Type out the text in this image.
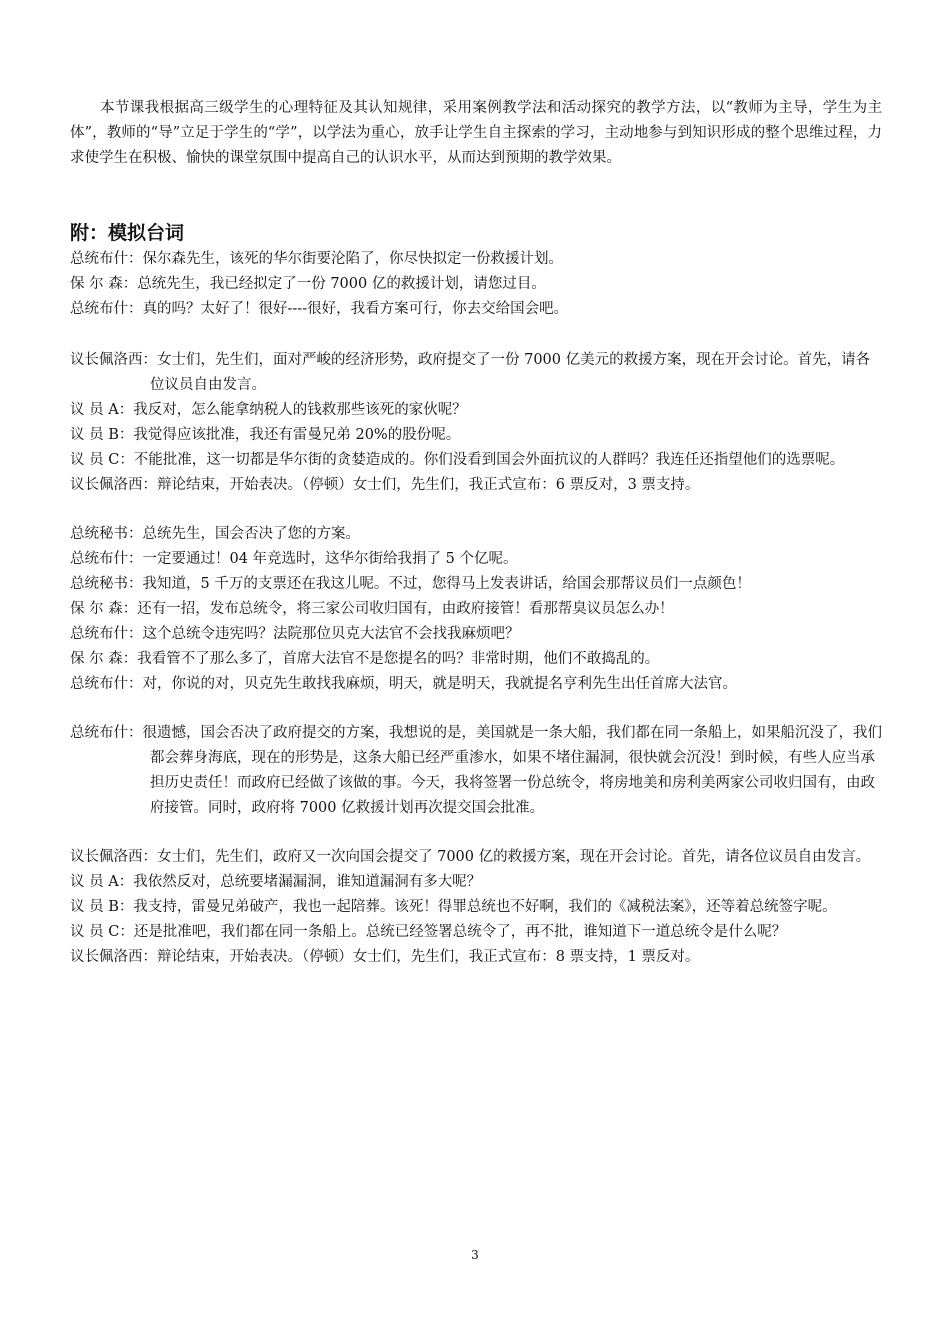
本节课我根据高三级学生的心理特征及其认知规律，采用案例教学法和活动探究的教学方法，以“教师为主导，学生为主体”，教师的“导”立足于学生的“学”，以学法为重心，放手让学生自主探索的学习，主动地参与到知识形成的整个思维过程，力求使学生在积极、愉快的课堂氛围中提高自己的认识水平，从而达到预期的教学效果。

附：模拟台词

总统布什：保尔森先生，该死的华尔街要沦陷了，你尽快拟定一份救援计划。

保 尔 森：总统先生，我已经拟定了一份 7000 亿的救援计划，请您过目。

总统布什：真的吗？太好了！很好----很好，我看方案可行，你去交给国会吧。

议长佩洛西：女士们，先生们，面对严峻的经济形势，政府提交了一份 7000 亿美元的救援方案，现在开会讨论。首先，请各位议员自由发言。

议 员 A：我反对，怎么能拿纳税人的钱救那些该死的家伙呢？

议 员 B：我觉得应该批准，我还有雷曼兄弟 20%的股份呢。

议 员 C：不能批准，这一切都是华尔街的贪婪造成的。你们没看到国会外面抗议的人群吗？我连任还指望他们的选票呢。

议长佩洛西：辩论结束，开始表决。（停顿）女士们，先生们，我正式宣布：6 票反对，3 票支持。

总统秘书：总统先生，国会否决了您的方案。

总统布什：一定要通过！04 年竞选时，这华尔街给我捐了 5 个亿呢。

总统秘书：我知道，5 千万的支票还在我这儿呢。不过，您得马上发表讲话，给国会那帮议员们一点颜色！

保 尔 森：还有一招，发布总统令，将三家公司收归国有，由政府接管！看那帮臭议员怎么办！

总统布什：这个总统令违宪吗？法院那位贝克大法官不会找我麻烦吧？

保 尔 森：我看管不了那么多了，首席大法官不是您提名的吗？非常时期，他们不敢捣乱的。

总统布什：对，你说的对，贝克先生敢找我麻烦，明天，就是明天，我就提名亨利先生出任首席大法官。

总统布什：很遗憾，国会否决了政府提交的方案，我想说的是，美国就是一条大船，我们都在同一条船上，如果船沉没了，我们都会葬身海底，现在的形势是，这条大船已经严重渗水，如果不堵住漏洞，很快就会沉没！到时候，有些人应当承担历史责任！而政府已经做了该做的事。今天，我将签署一份总统令，将房地美和房利美两家公司收归国有，由政府接管。同时，政府将 7000 亿救援计划再次提交国会批准。

议长佩洛西：女士们，先生们，政府又一次向国会提交了 7000 亿的救援方案，现在开会讨论。首先，请各位议员自由发言。

议 员 A：我依然反对，总统要堵漏漏洞，谁知道漏洞有多大呢？

议 员 B：我支持，雷曼兄弟破产，我也一起陪葬。该死！得罪总统也不好啊，我们的《减税法案》，还等着总统签字呢。

议 员 C：还是批准吧，我们都在同一条船上。总统已经签署总统令了，再不批，谁知道下一道总统令是什么呢？

议长佩洛西：辩论结束，开始表决。（停顿）女士们，先生们，我正式宣布：8 票支持，1 票反对。

3
